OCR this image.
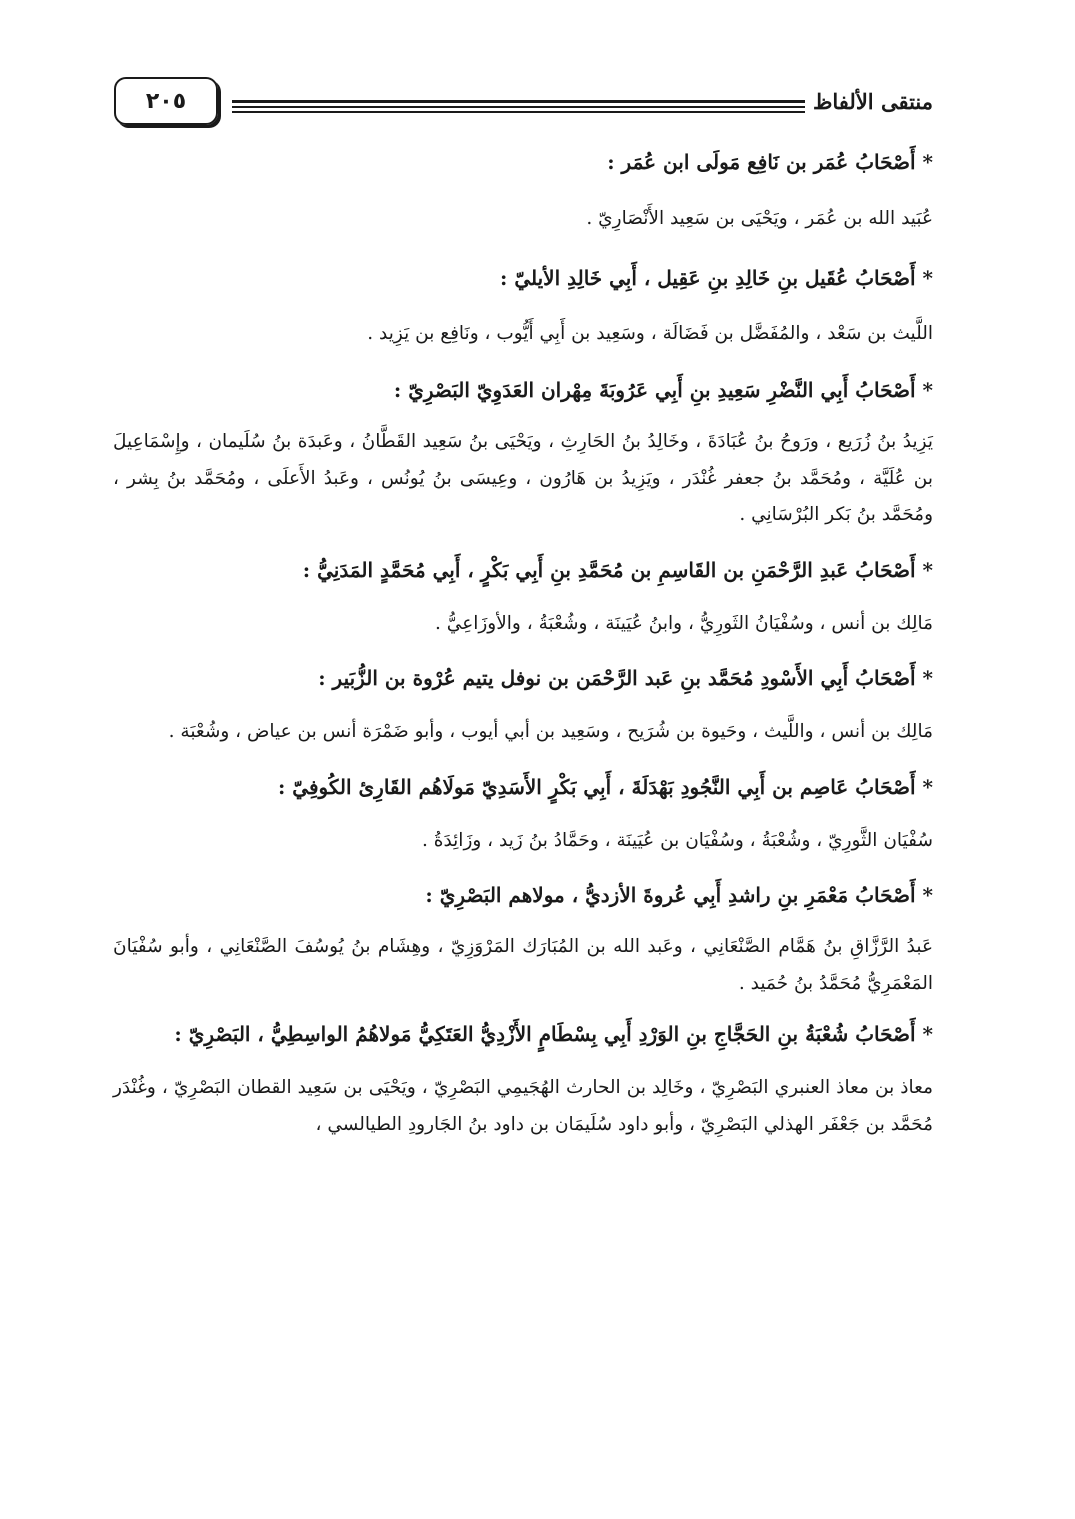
منتقى الألفاظ
٢٠٥

* أَصْحَابُ عُمَر بن نَافِع مَولَى ابن عُمَر :

عُبَيد الله بن عُمَر ، ويَحْيَى بن سَعِيد الأَنْصَارِيّ .

* أَصْحَابُ عُقَيل بنِ خَالِدِ بنِ عَقِيل ، أَبِي خَالِدِ الأيليّ :

اللَّيث بن سَعْد ، والمُفَضَّل بن فَضَالَة ، وسَعِيد بن أَبِي أَيُّوب ، ونَافِع بن يَزِيد .

* أَصْحَابُ أَبِي النَّضْرِ سَعِيدِ بنِ أَبِي عَرُوبَةَ مِهْران العَدَوِيّ البَصْرِيّ :

يَزِيدُ بنُ زُرَيع ، ورَوحُ بنُ عُبَادَةَ ، وخَالِدُ بنُ الحَارِثِ ، ويَحْيَى بنُ سَعِيد القَطَّانُ ، وعَبدَة بنُ سُلَيمان ، وإِسْمَاعِيلَ بن عُلَيَّة ، ومُحَمَّد بنُ جعفر غُنْدَر ، ويَزِيدُ بن هَارُون ، وعِيسَى بنُ يُونُس ، وعَبدُ الأَعلَى ، ومُحَمَّد بنُ بِشر ، ومُحَمَّد بنُ بَكر البُرْسَانِي .

* أَصْحَابُ عَبدِ الرَّحْمَنِ بن القَاسِمِ بن مُحَمَّدِ بنِ أَبِي بَكْرٍ ، أَبِي مُحَمَّدٍ المَدَنِيُّ :

مَالِك بن أنس ، وسُفْيَانُ الثَورِيُّ ، وابنُ عُيَينَة ، وشُعْبَةُ ، والأوزَاعِيُّ .

* أَصْحَابُ أَبِي الأَسْودِ مُحَمَّد بنِ عَبد الرَّحْمَن بن نوفل يتيم عُرْوة بن الزُّبَير :

مَالِك بن أنس ، واللَّيث ، وحَيوة بن شُرَيح ، وسَعِيد بن أبي أيوب ، وأبو ضَمْرَة أنس بن عياض ، وشُعْبَة .

* أَصْحَابُ عَاصِم بن أَبِي النَّجُودِ بَهْدَلَةَ ، أَبِي بَكْرٍ الأَسَدِيّ مَولَاهُم القَارِئ الكُوفِيّ :

سُفْيَان الثَّورِيّ ، وشُعْبَةُ ، وسُفْيَان بن عُيَينَة ، وحَمَّادُ بنُ زَيد ، وزَائِدَةُ .

* أَصْحَابُ مَعْمَرِ بنِ راشدِ أَبِي عُروةَ الأزديُّ ، مولاهم البَصْرِيّ :

عَبدُ الرَّزَّاقِ بنُ هَمَّام الصَّنْعَانِي ، وعَبد الله بن المُبَارَك المَرْوَزِيّ ، وهِشَام بنُ يُوسُفَ الصَّنْعَانِي ، وأبو سُفْيَانَ المَعْمَرِيُّ مُحَمَّدُ بنُ حُمَيد .

* أَصْحَابُ شُعْبَةُ بنِ الحَجَّاجِ بنِ الوَرْدِ أَبِي بِسْطَامٍ الأَزْدِيُّ العَتَكِيُّ مَولاهُمُ الواسِطِيُّ ، البَصْرِيّ :

معاذ بن معاذ العنبري البَصْرِيّ ، وخَالِد بن الحارث الهُجَيمِي البَصْرِيّ ، ويَحْيَى بن سَعِيد القطان البَصْرِيّ ، وغُنْدَر مُحَمَّد بن جَعْفَر الهذلي البَصْرِيّ ، وأبو داود سُلَيمَان بن داود بنُ الجَارودِ الطيالسي ،
